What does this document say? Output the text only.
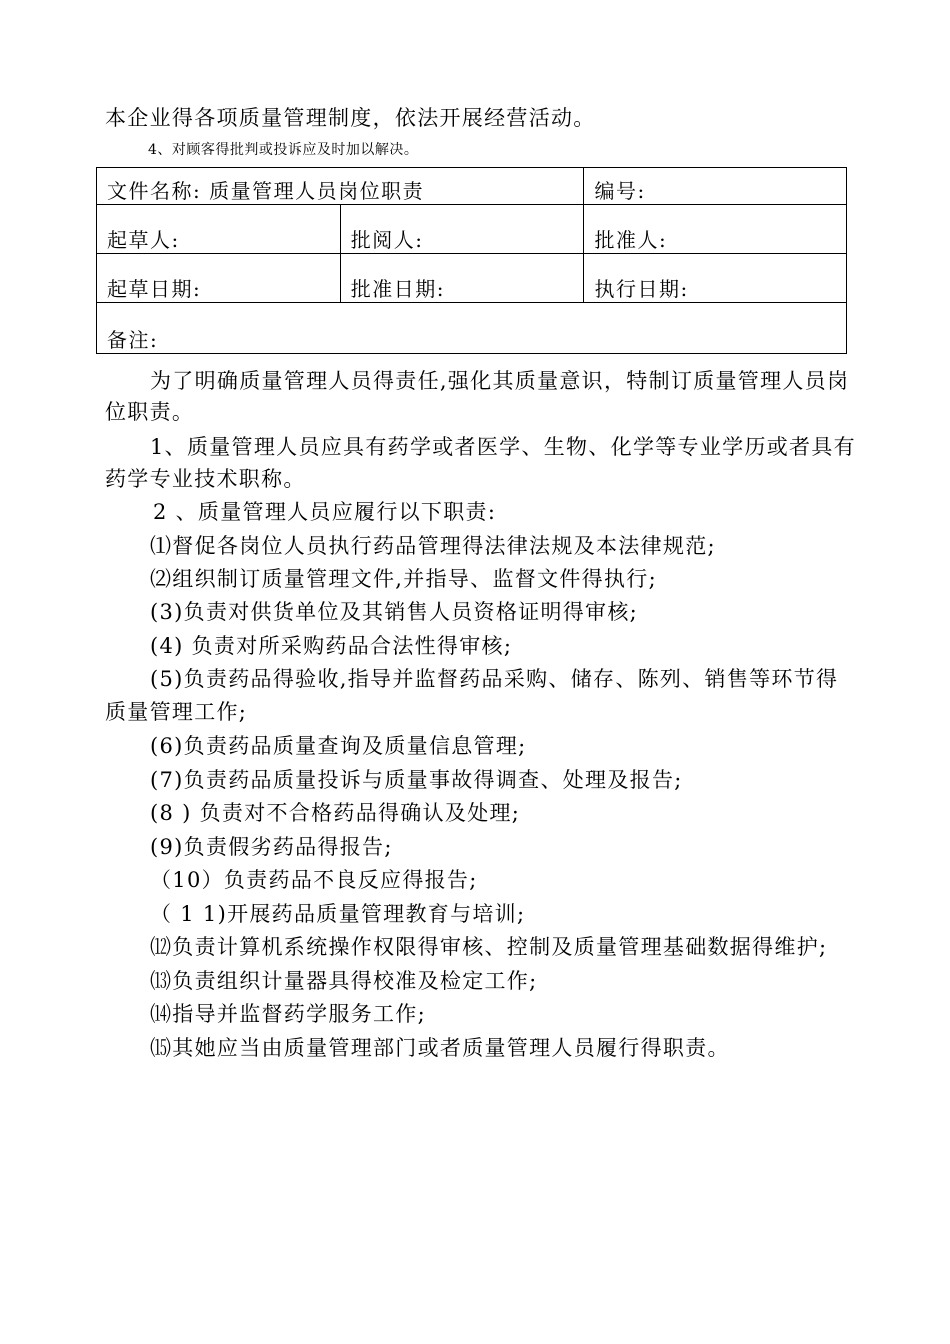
本企业得各项质量管理制度，依法开展经营活动。
4、对顾客得批判或投诉应及时加以解决。
文件名称: 质量管理人员岗位职责		编号:
起草人:	批阅人:	批准人:
起草日期:	批准日期:	执行日期:
备注:		
为了明确质量管理人员得责任,强化其质量意识，特制订质量管理人员岗
位职责。
1、质量管理人员应具有药学或者医学、生物、化学等专业学历或者具有
药学专业技术职称。
2 、质量管理人员应履行以下职责:
⑴督促各岗位人员执行药品管理得法律法规及本法律规范;
⑵组织制订质量管理文件,并指导、监督文件得执行;
(3)负责对供货单位及其销售人员资格证明得审核;
(4) 负责对所采购药品合法性得审核;
(5)负责药品得验收,指导并监督药品采购、储存、陈列、销售等环节得
质量管理工作;
(6)负责药品质量查询及质量信息管理;
(7)负责药品质量投诉与质量事故得调查、处理及报告;
(8 ) 负责对不合格药品得确认及处理;
(9)负责假劣药品得报告;
（10）负责药品不良反应得报告;
（ 1 1)开展药品质量管理教育与培训;
⑿负责计算机系统操作权限得审核、控制及质量管理基础数据得维护;
⒀负责组织计量器具得校准及检定工作;
⒁指导并监督药学服务工作;
⒂其她应当由质量管理部门或者质量管理人员履行得职责。
